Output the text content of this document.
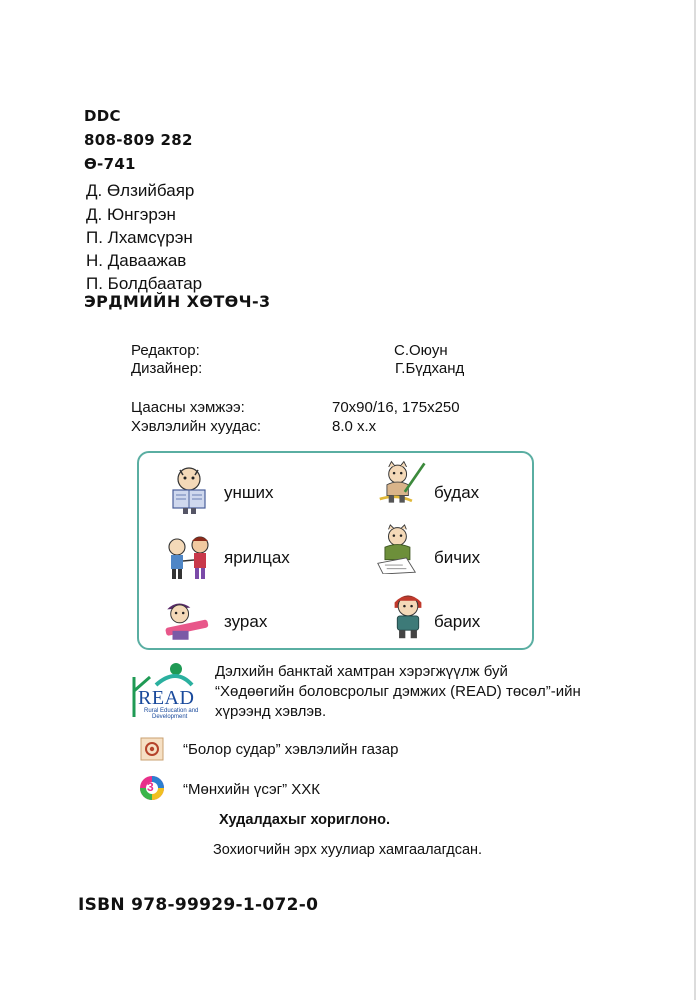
DDC
808-809 282
Ө-741
Д. Өлзийбаяр
Д. Юнгэрэн
П. Лхамсүрэн
Н. Даваажав
П. Болдбаатар
ЭРДМИЙН ХӨТӨЧ-3
Редактор:	С.Оюун
Дизайнер:	Г.Бүдханд
Цаасны хэмжээ:	70x90/16, 175x250
Хэвлэлийн хуудас:	8.0 х.х
унших
ярилцах
зурах
будах
бичих
барих
READ
Rural Education and
Development
Дэлхийн банктай хамтран хэрэгжүүлж буй
“Хөдөөгийн боловсролыг дэмжих (READ) төсөл”-ийн
хүрээнд хэвлэв.
“Болор судар” хэвлэлийн газар
3 “Мөнхийн үсэг” ХХК
Худалдахыг хориглоно.
Зохиогчийн эрх хуулиар хамгаалагдсан.
ISBN 978-99929-1-072-0
